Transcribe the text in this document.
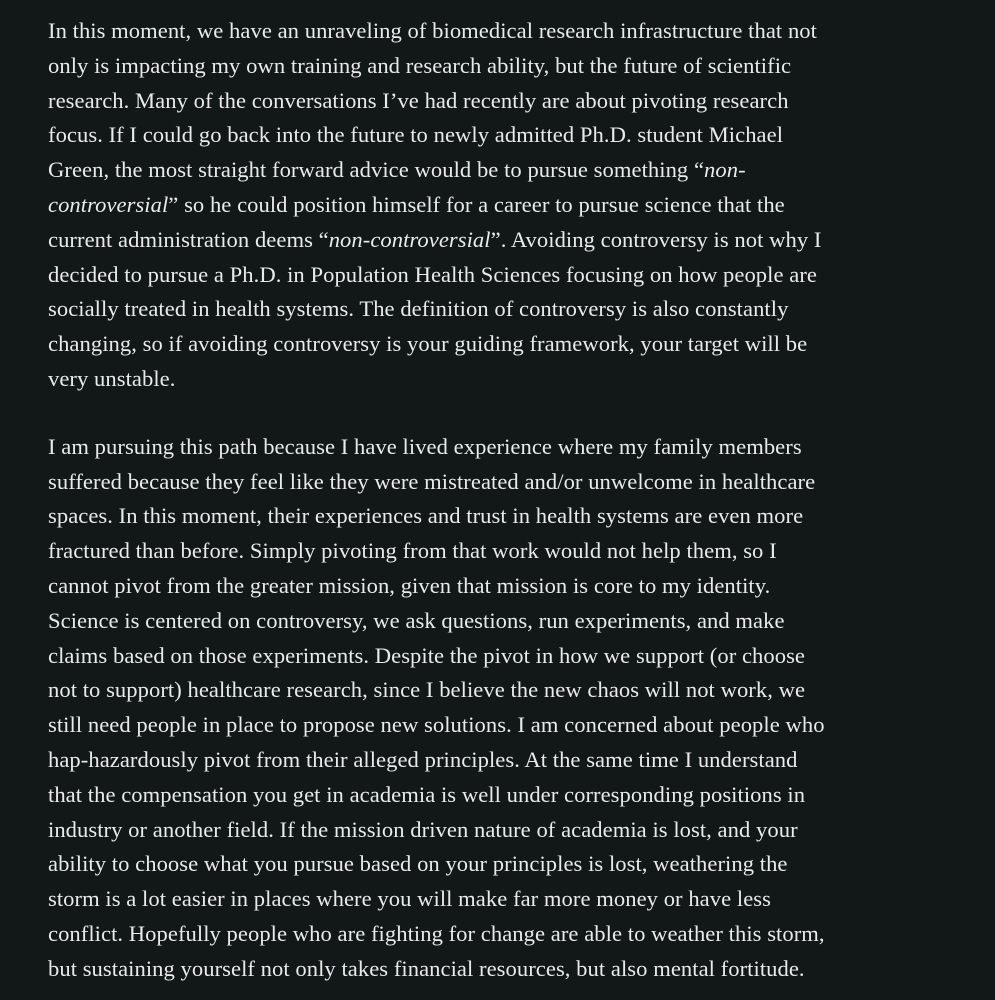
In this moment, we have an unraveling of biomedical research infrastructure that not
only is impacting my own training and research ability, but the future of scientific
research. Many of the conversations I’ve had recently are about pivoting research
focus. If I could go back into the future to newly admitted Ph.D. student Michael
Green, the most straight forward advice would be to pursue something “non-
controversial” so he could position himself for a career to pursue science that the
current administration deems “non-controversial”. Avoiding controversy is not why I
decided to pursue a Ph.D. in Population Health Sciences focusing on how people are
socially treated in health systems. The definition of controversy is also constantly
changing, so if avoiding controversy is your guiding framework, your target will be
very unstable.

I am pursuing this path because I have lived experience where my family members
suffered because they feel like they were mistreated and/or unwelcome in healthcare
spaces. In this moment, their experiences and trust in health systems are even more
fractured than before. Simply pivoting from that work would not help them, so I
cannot pivot from the greater mission, given that mission is core to my identity.
Science is centered on controversy, we ask questions, run experiments, and make
claims based on those experiments. Despite the pivot in how we support (or choose
not to support) healthcare research, since I believe the new chaos will not work, we
still need people in place to propose new solutions. I am concerned about people who
hap-hazardously pivot from their alleged principles. At the same time I understand
that the compensation you get in academia is well under corresponding positions in
industry or another field. If the mission driven nature of academia is lost, and your
ability to choose what you pursue based on your principles is lost, weathering the
storm is a lot easier in places where you will make far more money or have less
conflict. Hopefully people who are fighting for change are able to weather this storm,
but sustaining yourself not only takes financial resources, but also mental fortitude.
